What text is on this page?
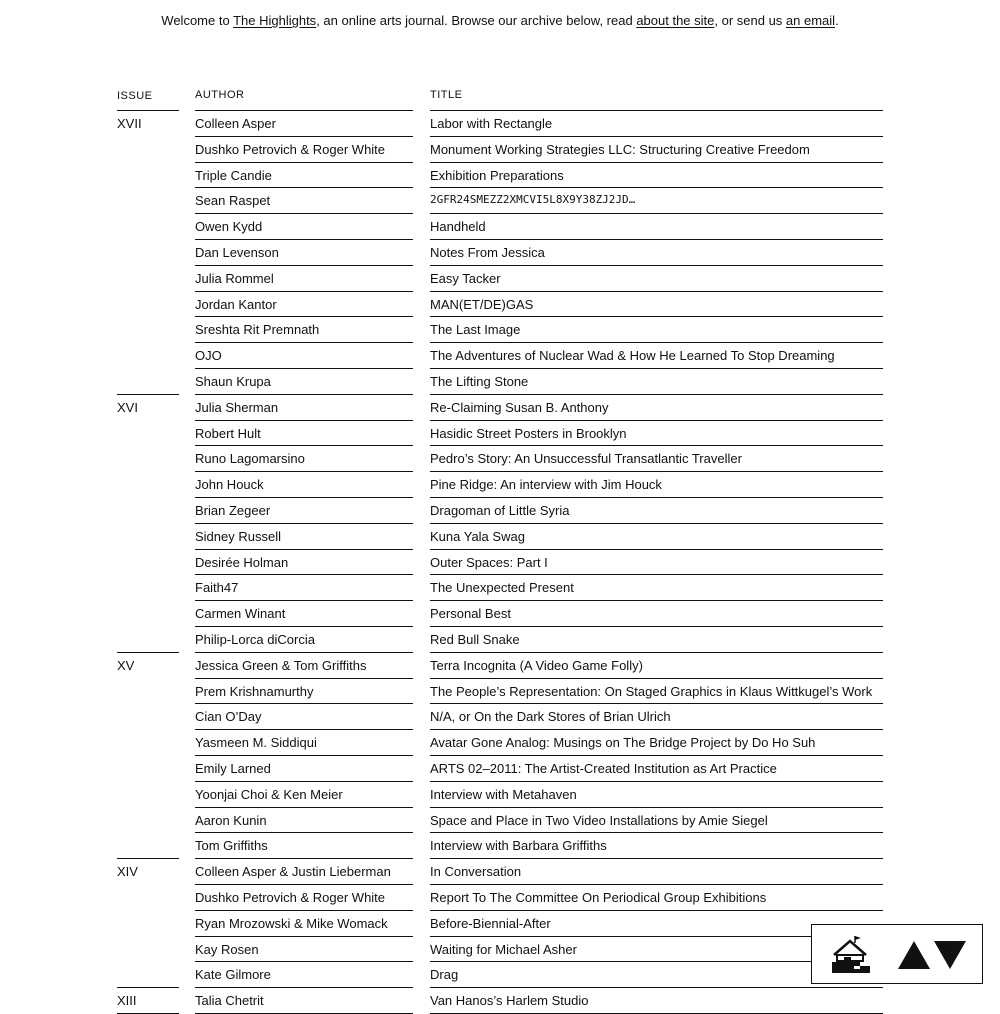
Welcome to The Highlights, an online arts journal. Browse our archive below, read about the site, or send us an email.
ISSUE	AUTHOR	TITLE
XVII	Colleen Asper	Labor with Rectangle
Dushko Petrovich & Roger White	Monument Working Strategies LLC: Structuring Creative Freedom
Triple Candie	Exhibition Preparations
Sean Raspet	2GFR24SMEZZ2XMCVI5L8X9Y38ZJ2JD…
Owen Kydd	Handheld
Dan Levenson	Notes From Jessica
Julia Rommel	Easy Tacker
Jordan Kantor	MAN(ET/DE)GAS
Sreshta Rit Premnath	The Last Image
OJO	The Adventures of Nuclear Wad & How He Learned To Stop Dreaming
Shaun Krupa	The Lifting Stone
XVI	Julia Sherman	Re-Claiming Susan B. Anthony
Robert Hult	Hasidic Street Posters in Brooklyn
Runo Lagomarsino	Pedro’s Story: An Unsuccessful Transatlantic Traveller
John Houck	Pine Ridge: An interview with Jim Houck
Brian Zegeer	Dragoman of Little Syria
Sidney Russell	Kuna Yala Swag
Desirée Holman	Outer Spaces: Part I
Faith47	The Unexpected Present
Carmen Winant	Personal Best
Philip-Lorca diCorcia	Red Bull Snake
XV	Jessica Green & Tom Griffiths	Terra Incognita (A Video Game Folly)
Prem Krishnamurthy	The People’s Representation: On Staged Graphics in Klaus Wittkugel’s Work
Cian O’Day	N/A, or On the Dark Stores of Brian Ulrich
Yasmeen M. Siddiqui	Avatar Gone Analog: Musings on The Bridge Project by Do Ho Suh
Emily Larned	ARTS 02–2011: The Artist-Created Institution as Art Practice
Yoonjai Choi & Ken Meier	Interview with Metahaven
Aaron Kunin	Space and Place in Two Video Installations by Amie Siegel
Tom Griffiths	Interview with Barbara Griffiths
XIV	Colleen Asper & Justin Lieberman	In Conversation
Dushko Petrovich & Roger White	Report To The Committee On Periodical Group Exhibitions
Ryan Mrozowski & Mike Womack	Before-Biennial-After
Kay Rosen	Waiting for Michael Asher
Kate Gilmore	Drag
XIII	Talia Chetrit	Van Hanos’s Harlem Studio
